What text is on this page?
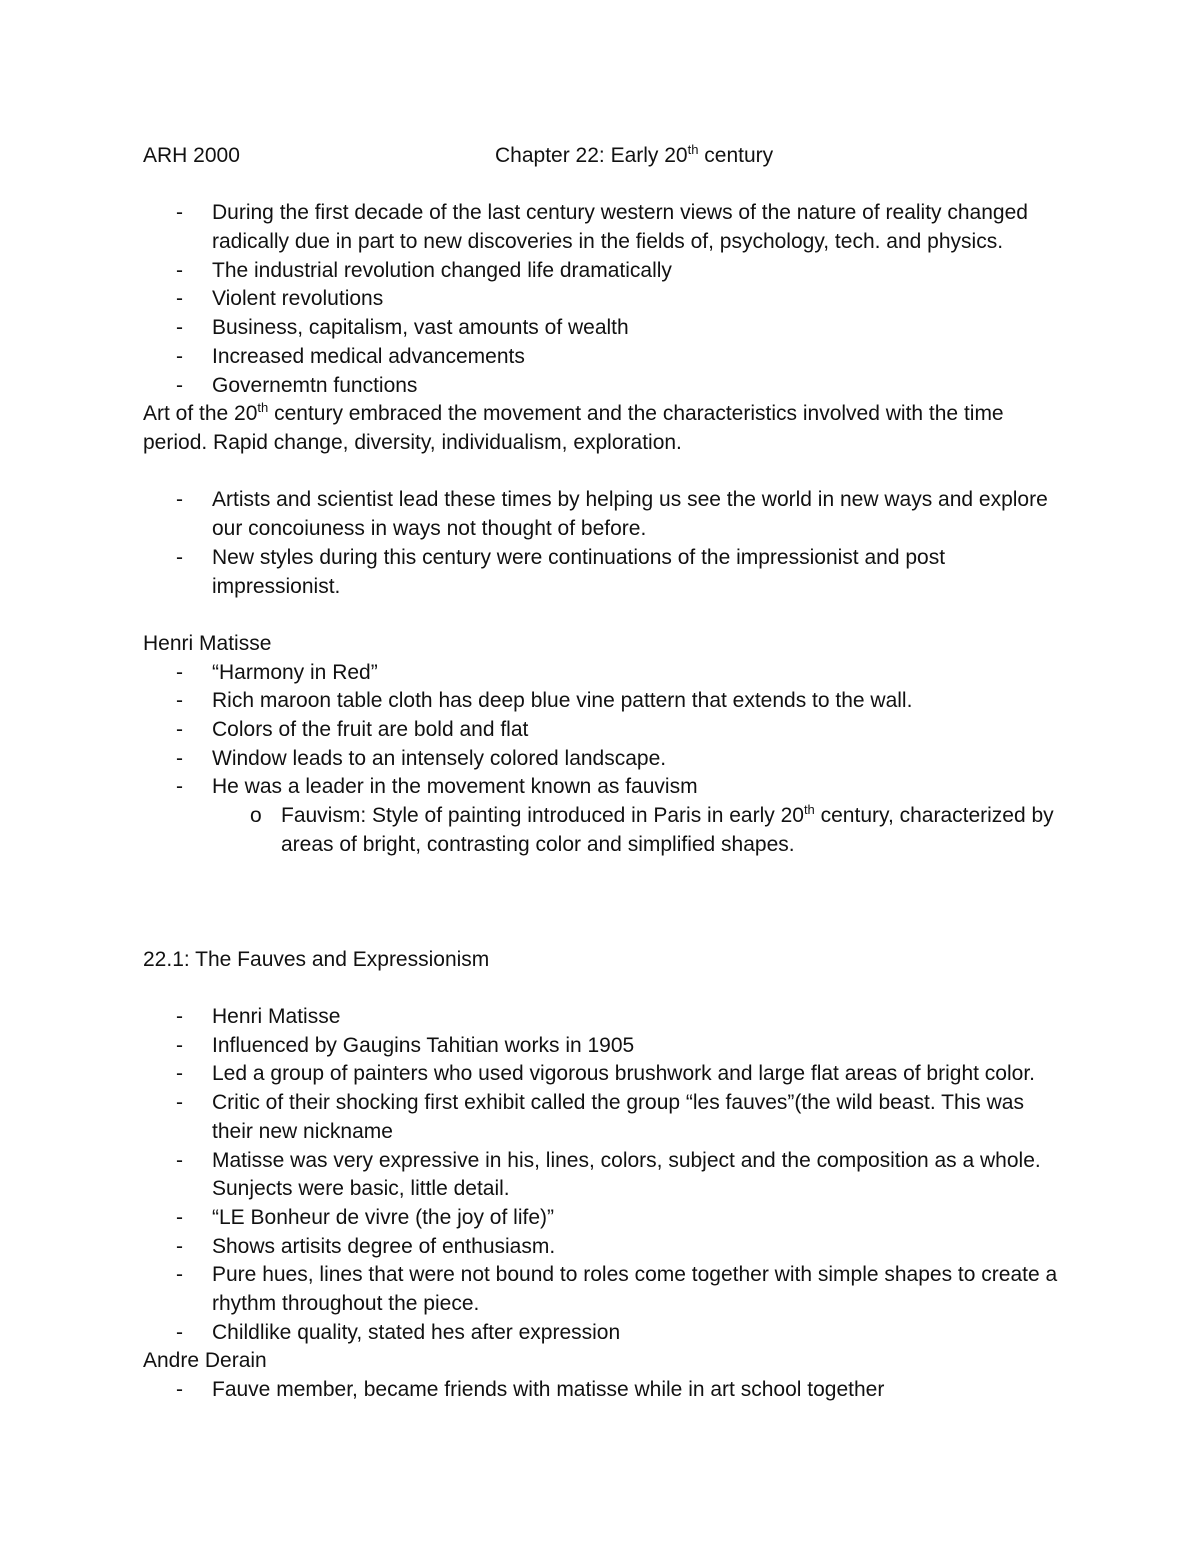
ARH 2000	Chapter 22: Early 20th century
- During the first decade of the last century western views of the nature of reality changed radically due in part to new discoveries in the fields of, psychology, tech. and physics.
- The industrial revolution changed life dramatically
- Violent revolutions
- Business, capitalism, vast amounts of wealth
- Increased medical advancements
- Governemtn functions

Art of the 20th century embraced the movement and the characteristics involved with the time period. Rapid change, diversity, individualism, exploration.

- Artists and scientist lead these times by helping us see the world in new ways and explore our concoiuness in ways not thought of before.
- New styles during this century were continuations of the impressionist and post impressionist.

Henri Matisse

- “Harmony in Red”
- Rich maroon table cloth has deep blue vine pattern that extends to the wall.
- Colors of the fruit are bold and flat
- Window leads to an intensely colored landscape.
- He was a leader in the movement known as fauvism
o Fauvism: Style of painting introduced in Paris in early 20th century, characterized by areas of bright, contrasting color and simplified shapes.

22.1: The Fauves and Expressionism

- Henri Matisse
- Influenced by Gaugins Tahitian works in 1905
- Led a group of painters who used vigorous brushwork and large flat areas of bright color.
- Critic of their shocking first exhibit called the group “les fauves”(the wild beast. This was their new nickname
- Matisse was very expressive in his, lines, colors, subject and the composition as a whole. Sunjects were basic, little detail.
- “LE Bonheur de vivre (the joy of life)”
- Shows artisits degree of enthusiasm.
- Pure hues, lines that were not bound to roles come together with simple shapes to create a rhythm throughout the piece.
- Childlike quality, stated hes after expression

Andre Derain

- Fauve member, became friends with matisse while in art school together
